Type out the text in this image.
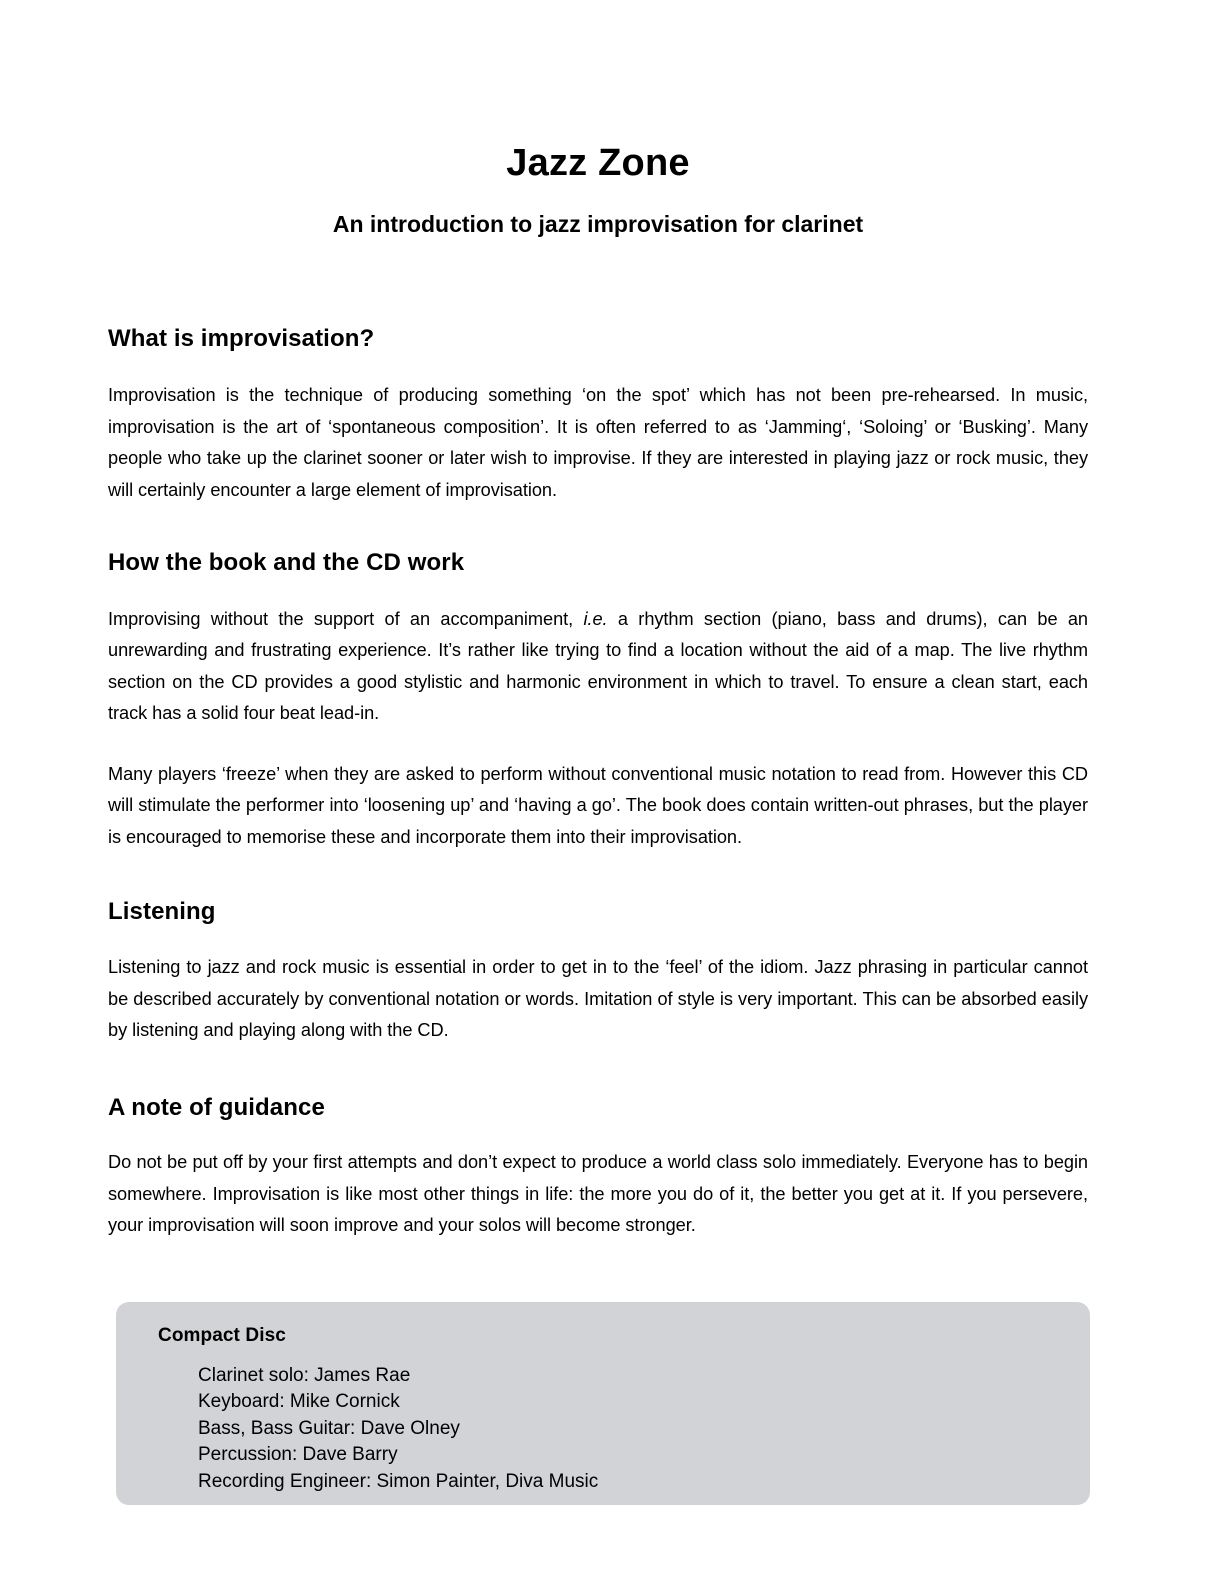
Jazz Zone
An introduction to jazz improvisation for clarinet
What is improvisation?

Improvisation is the technique of producing something ‘on the spot’ which has not been pre-rehearsed. In music, improvisation is the art of ‘spontaneous composition’. It is often referred to as ‘Jamming‘, ‘Soloing’ or ‘Busking’. Many people who take up the clarinet sooner or later wish to improvise. If they are interested in playing jazz or rock music, they will certainly encounter a large element of improvisation.

How the book and the CD work

Improvising without the support of an accompaniment, i.e. a rhythm section (piano, bass and drums), can be an unrewarding and frustrating experience. It’s rather like trying to find a location without the aid of a map. The live rhythm section on the CD provides a good stylistic and harmonic environment in which to travel. To ensure a clean start, each track has a solid four beat lead-in.

Many players ‘freeze’ when they are asked to perform without conventional music notation to read from. However this CD will stimulate the performer into ‘loosening up’ and ‘having a go’. The book does contain written-out phrases, but the player is encouraged to memorise these and incorporate them into their improvisation.

Listening

Listening to jazz and rock music is essential in order to get in to the ‘feel’ of the idiom. Jazz phrasing in particular cannot be described accurately by conventional notation or words. Imitation of style is very important. This can be absorbed easily by listening and playing along with the CD.

A note of guidance

Do not be put off by your first attempts and don’t expect to produce a world class solo immediately. Everyone has to begin somewhere. Improvisation is like most other things in life: the more you do of it, the better you get at it. If you persevere, your improvisation will soon improve and your solos will become stronger.

Compact Disc

Clarinet solo: James Rae
Keyboard: Mike Cornick
Bass, Bass Guitar: Dave Olney
Percussion: Dave Barry
Recording Engineer: Simon Painter, Diva Music
